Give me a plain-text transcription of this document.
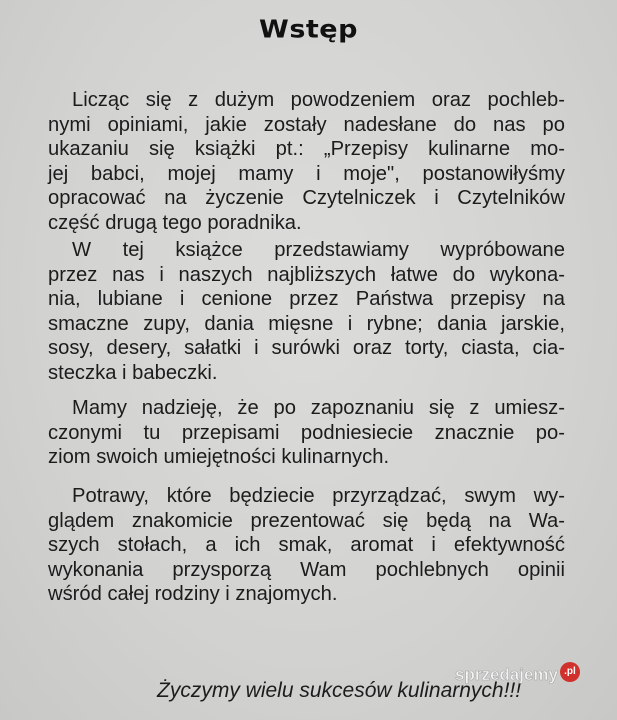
Wstęp
Licząc się z dużym powodzeniem oraz pochleb-
nymi opiniami, jakie zostały nadesłane do nas po
ukazaniu się książki pt.: „Przepisy kulinarne mo-
jej babci, mojej mamy i moje", postanowiłyśmy
opracować na życzenie Czytelniczek i Czytelników
część drugą tego poradnika.
W tej książce przedstawiamy wypróbowane
przez nas i naszych najbliższych łatwe do wykona-
nia, lubiane i cenione przez Państwa przepisy na
smaczne zupy, dania mięsne i rybne; dania jarskie,
sosy, desery, sałatki i surówki oraz torty, ciasta, cia-
steczka i babeczki.
Mamy nadzieję, że po zapoznaniu się z umiesz-
czonymi tu przepisami podniesiecie znacznie po-
ziom swoich umiejętności kulinarnych.
Potrawy, które będziecie przyrządzać, swym wy-
glądem znakomicie prezentować się będą na Wa-
szych stołach, a ich smak, aromat i efektywność
wykonania przysporzą Wam pochlebnych opinii
wśród całej rodziny i znajomych.
Życzymy wielu sukcesów kulinarnych!!!
sprzedajemy .pl
